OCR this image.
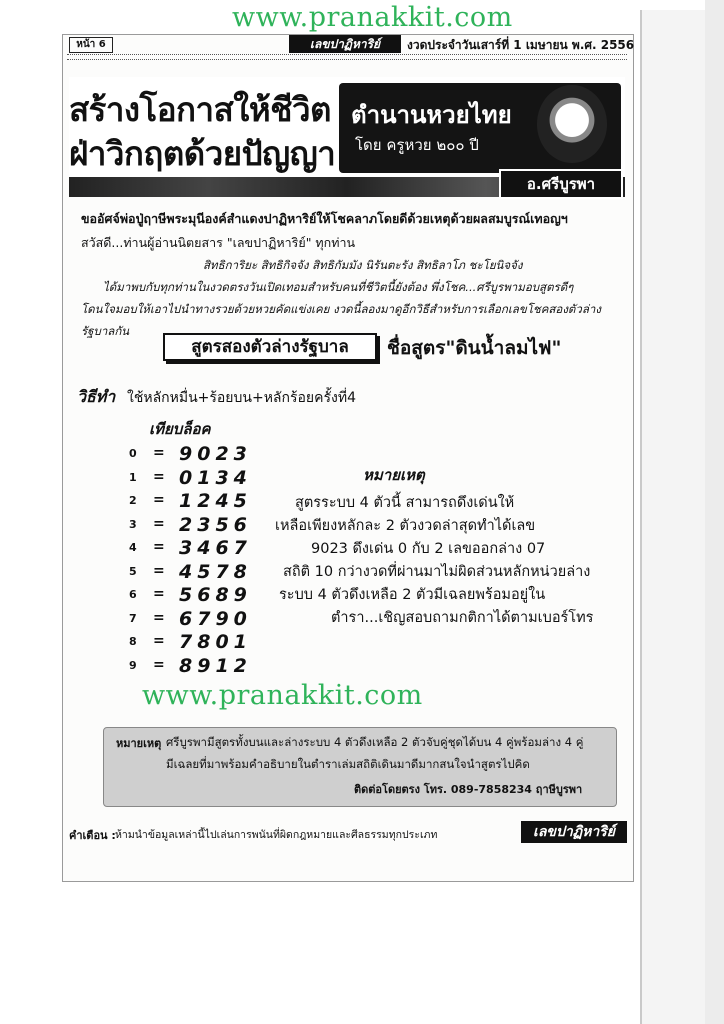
หน้า 6	เลขปาฏิหาริย์	งวดประจำวันเสาร์ที่ 1 เมษายน พ.ศ. 2556
สร้างโอกาสให้ชีวิต
ฝ่าวิกฤตด้วยปัญญา
ตำนานหวยไทย
โดย ครูหวย ๒๐๐ ปี
อ.ศรีบูรพา
ขออัศจ์พ่อปู่ฤาษีพระมุนีองค์สำแดงปาฏิหาริย์ให้โชคลาภโดยดีด้วยเหตุด้วยผลสมบูรณ์เทอญฯ
สวัสดี...ท่านผู้อ่านนิตยสาร "เลขปาฏิหาริย์" ทุกท่าน
สิทธิการิยะ สิทธิกิจจัง สิทธิกัมมัง นิรันตะรัง สิทธิลาโภ ชะโยนิจจัง
ได้มาพบกับทุกท่านในงวดตรงวันเปิดเทอมสำหรับคนที่ชีวิตนี้ยังต้อง พึ่งโชค...ศรีบูรพามอบสูตรดีๆ
โดนใจมอบให้เอาไปนำทางรวยด้วยหวยคัดแข่งเคย งวดนี้ลองมาดูอีกวิธีสำหรับการเลือกเลขโชคสองตัวล่าง
รัฐบาลกัน
สูตรสองตัวล่างรัฐบาล	ชื่อสูตร"ดินน้ำลมไฟ"
วิธีทำ ใช้หลักหมื่น+ร้อยบน+หลักร้อยครั้งที่4
เทียบล็อค
0 = 9023
1 = 0134
2 = 1245
3 = 2356
4 = 3467
5 = 4578
6 = 5689
7 = 6790
8 = 7801
9 = 8912
หมายเหตุ
สูตรระบบ 4 ตัวนี้ สามารถดึงเด่นให้
เหลือเพียงหลักละ 2 ตัวงวดล่าสุดทำได้เลข
9023 ดึงเด่น 0 กับ 2 เลขออกล่าง 07
สถิติ 10 กว่างวดที่ผ่านมาไม่ผิดส่วนหลักหน่วยล่าง
ระบบ 4 ตัวดึงเหลือ 2 ตัวมีเฉลยพร้อมอยู่ใน
ตำรา...เชิญสอบถามกติกาได้ตามเบอร์โทร
หมายเหตุ ศรีบูรพามีสูตรทั้งบนและล่างระบบ 4 ตัวดึงเหลือ 2 ตัวจับคู่ชุดได้บน 4 คู่พร้อมล่าง 4 คู่
มีเฉลยที่มาพร้อมคำอธิบายในตำราเล่มสถิติเดินมาดีมากสนใจนำสูตรไปคิด
ติดต่อโดยตรง โทร. 089-7858234 ฤาษีบูรพา
คำเตือน : ห้ามนำข้อมูลเหล่านี้ไปเล่นการพนันที่ผิดกฎหมายและศีลธรรมทุกประเภท	เลขปาฏิหาริย์
www.pranakkit.com
www.pranakkit.com
